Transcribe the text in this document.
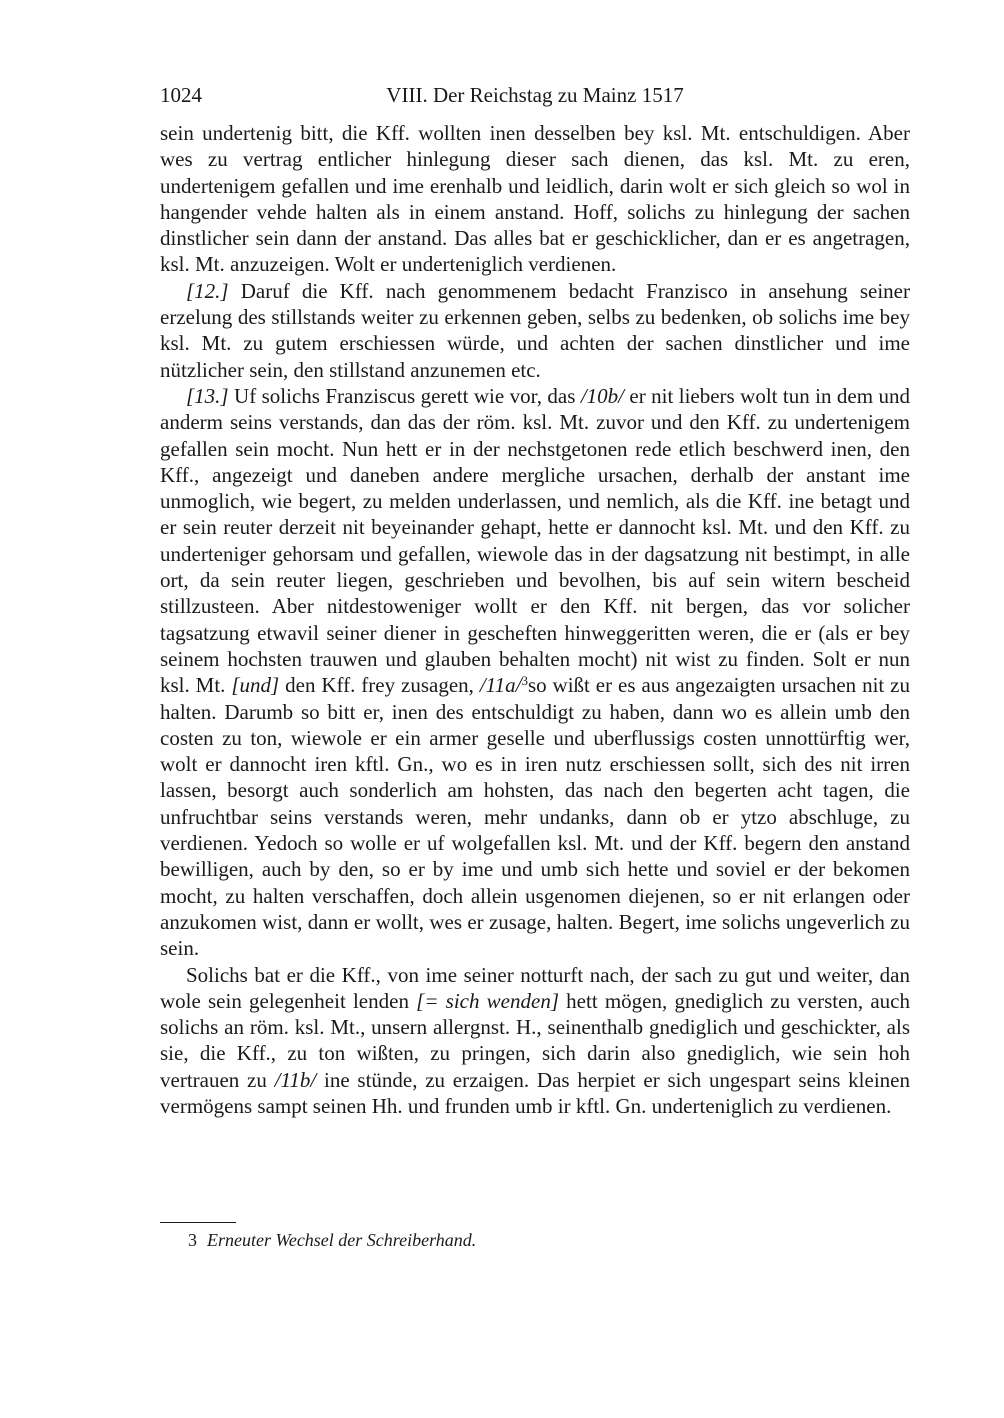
1024	VIII. Der Reichstag zu Mainz 1517

sein undertenig bitt, die Kff. wollten inen desselben bey ksl. Mt. entschuldigen. Aber wes zu vertrag entlicher hinlegung dieser sach dienen, das ksl. Mt. zu eren, undertenigem gefallen und ime erenhalb und leidlich, darin wolt er sich gleich so wol in hangender vehde halten als in einem anstand. Hoff, solichs zu hinlegung der sachen dinstlicher sein dann der anstand. Das alles bat er geschicklicher, dan er es angetragen, ksl. Mt. anzuzeigen. Wolt er underteniglich verdienen.

[12.] Daruf die Kff. nach genommenem bedacht Franzisco in ansehung seiner erzelung des stillstands weiter zu erkennen geben, selbs zu bedenken, ob solichs ime bey ksl. Mt. zu gutem erschiessen würde, und achten der sachen dinstlicher und ime nützlicher sein, den stillstand anzunemen etc.

[13.] Uf solichs Franziscus gerett wie vor, das /10b/ er nit liebers wolt tun in dem und anderm seins verstands, dan das der röm. ksl. Mt. zuvor und den Kff. zu undertenigem gefallen sein mocht. Nun hett er in der nechstgetonen rede etlich beschwerd inen, den Kff., angezeigt und daneben andere mergliche ursachen, derhalb der anstant ime unmoglich, wie begert, zu melden underlassen, und nemlich, als die Kff. ine betagt und er sein reuter derzeit nit beyeinander gehapt, hette er dannocht ksl. Mt. und den Kff. zu underteniger gehorsam und gefallen, wiewole das in der dagsatzung nit bestimpt, in alle ort, da sein reuter liegen, geschrieben und bevolhen, bis auf sein witern bescheid stillzusteen. Aber nitdestoweniger wollt er den Kff. nit bergen, das vor solicher tagsatzung etwavil seiner diener in gescheften hinweggeritten weren, die er (als er bey seinem hochsten trauwen und glauben behalten mocht) nit wist zu finden. Solt er nun ksl. Mt. [und] den Kff. frey zusagen, /11a/$^3$so wißt er es aus angezaigten ursachen nit zu halten. Darumb so bitt er, inen des entschuldigt zu haben, dann wo es allein umb den costen zu ton, wiewole er ein armer geselle und uberflussigs costen unnottürftig wer, wolt er dannocht iren kftl. Gn., wo es in iren nutz erschiessen sollt, sich des nit irren lassen, besorgt auch sonderlich am hohsten, das nach den begerten acht tagen, die unfruchtbar seins verstands weren, mehr undanks, dann ob er ytzo abschluge, zu verdienen. Yedoch so wolle er uf wolgefallen ksl. Mt. und der Kff. begern den anstand bewilligen, auch by den, so er by ime und umb sich hette und soviel er der bekomen mocht, zu halten verschaffen, doch allein usgenomen diejenen, so er nit erlangen oder anzukomen wist, dann er wollt, wes er zusage, halten. Begert, ime solichs ungeverlich zu sein.

Solichs bat er die Kff., von ime seiner notturft nach, der sach zu gut und weiter, dan wole sein gelegenheit lenden [= sich wenden] hett mögen, gnediglich zu versten, auch solichs an röm. ksl. Mt., unsern allergnst. H., seinenthalb gnediglich und geschickter, als sie, die Kff., zu ton wißten, zu pringen, sich darin also gnediglich, wie sein hoh vertrauen zu /11b/ ine stünde, zu erzaigen. Das herpiet er sich ungespart seins kleinen vermögens sampt seinen Hh. und frunden umb ir kftl. Gn. underteniglich zu verdienen.

3 Erneuter Wechsel der Schreiberhand.
